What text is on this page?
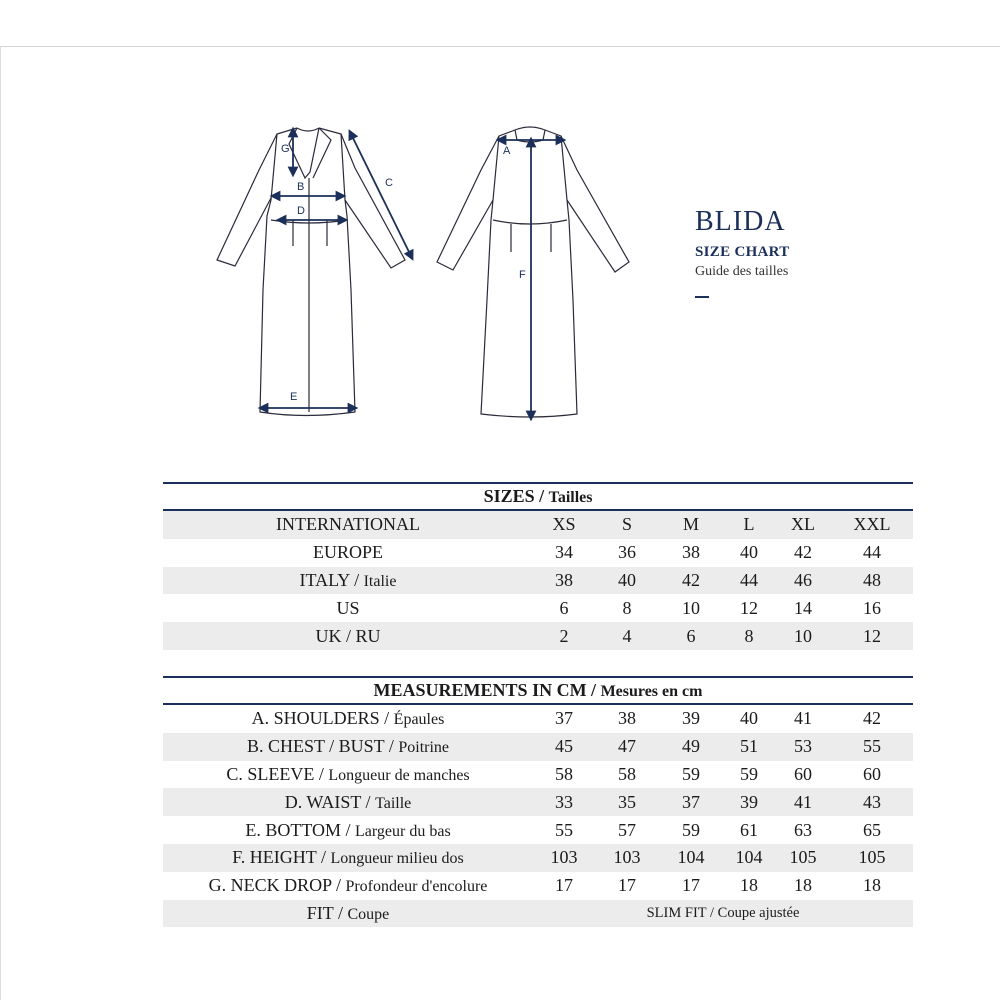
G
B
D
C
E
A
F
BLIDA
SIZE CHART
Guide des tailles
SIZES / Tailles						
INTERNATIONAL	XS	S	M	L	XL	XXL
EUROPE	34	36	38	40	42	44
ITALY / Italie	38	40	42	44	46	48
US	6	8	10	12	14	16
UK / RU	2	4	6	8	10	12
MEASUREMENTS IN CM / Mesures en cm						
A. SHOULDERS / Épaules	37	38	39	40	41	42
B. CHEST / BUST / Poitrine	45	47	49	51	53	55
C. SLEEVE / Longueur de manches	58	58	59	59	60	60
D. WAIST / Taille	33	35	37	39	41	43
E. BOTTOM / Largeur du bas	55	57	59	61	63	65
F. HEIGHT / Longueur milieu dos	103	103	104	104	105	105
G. NECK DROP / Profondeur d'encolure	17	17	17	18	18	18
FIT / Coupe	SLIM FIT / Coupe ajustée					
